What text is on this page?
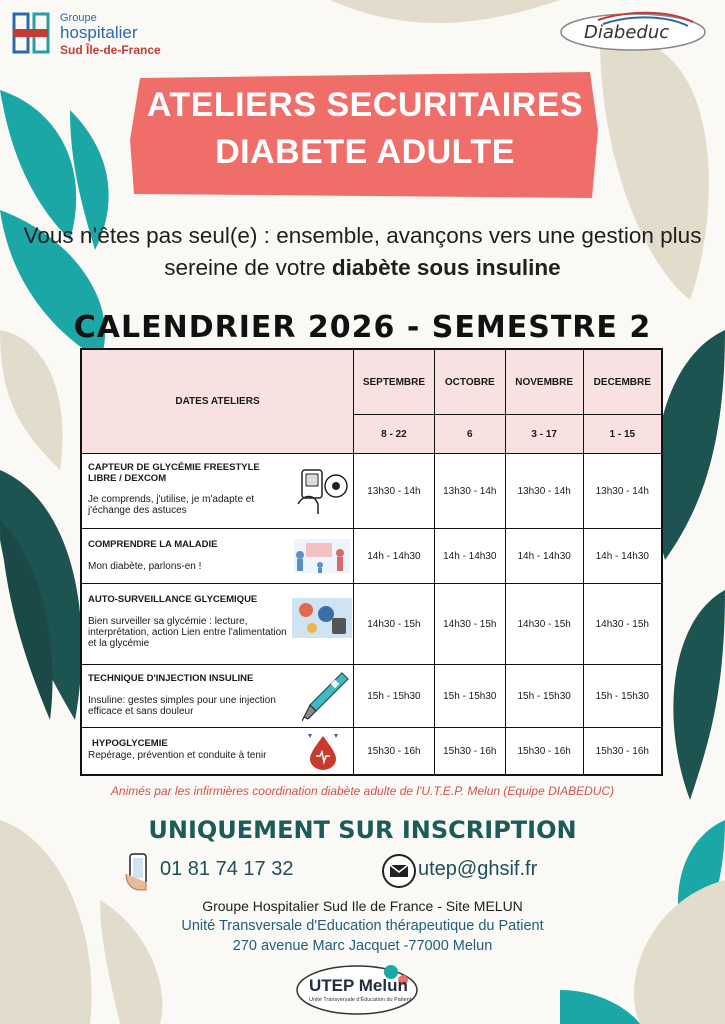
Groupe
hospitalier
Sud Île-de-France
Diabeduc
ATELIERS SECURITAIRES
DIABETE ADULTE
Vous n’êtes pas seul(e) : ensemble, avançons vers une gestion plus sereine de votre diabète sous insuline
CALENDRIER 2026 - SEMESTRE 2
DATES ATELIERS	SEPTEMBRE	OCTOBRE	NOVEMBRE	DECEMBRE
	8 - 22	6	3 - 17	1 - 15

CAPTEUR DE GLYCÉMIE FREESTYLE LIBRE / DEXCOM
Je comprends, j'utilise, je m'adapte et j'échange des astuces	13h30 - 14h	13h30 - 14h	13h30 - 14h	13h30 - 14h

COMPRENDRE LA MALADIE
Mon diabète, parlons-en !	14h - 14h30	14h - 14h30	14h - 14h30	14h - 14h30

AUTO-SURVEILLANCE GLYCEMIQUE
Bien surveiller sa glycémie : lecture, interprétation, action Lien entre l'alimentation et la glycémie	14h30 - 15h	14h30 - 15h	14h30 - 15h	14h30 - 15h

TECHNIQUE D'INJECTION INSULINE
Insuline: gestes simples pour une injection efficace et sans douleur	15h - 15h30	15h - 15h30	15h - 15h30	15h - 15h30

HYPOGLYCEMIE
Repérage, prévention et conduite à tenir	15h30 - 16h	15h30 - 16h	15h30 - 16h	15h30 - 16h
Animés par les infirmières coordination diabète adulte de l'U.T.E.P. Melun (Equipe DIABEDUC)
UNIQUEMENT SUR INSCRIPTION
01 81 74 17 32	utep@ghsif.fr
Groupe Hospitalier Sud Ile de France - Site MELUN
Unité Transversale d'Education thérapeutique du Patient
270 avenue Marc Jacquet -77000 Melun
UTEP Melun
Unité Transversale d'Éducation du Patient
